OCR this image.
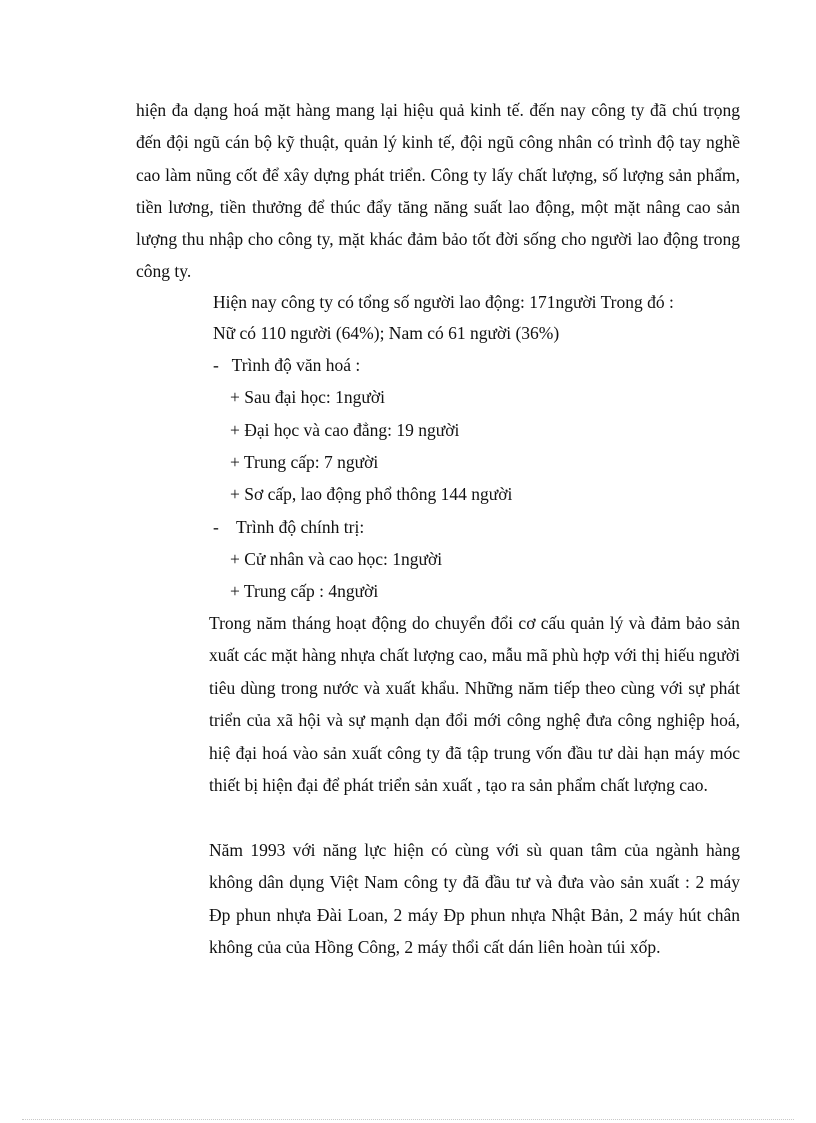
hiện đa dạng hoá mặt hàng mang lại hiệu quả kinh tế. đến nay công ty đã chú trọng đến đội ngũ cán bộ kỹ thuật, quản lý kinh tế, đội ngũ công nhân có trình độ tay nghề cao làm nũng cốt để xây dựng phát triển. Công ty lấy chất lượng, số lượng sản phẩm, tiền lương, tiền thưởng để thúc đẩy tăng năng suất lao động, một mặt nâng cao sản lượng thu nhập cho công ty, mặt khác đảm bảo tốt đời sống cho người lao động trong công ty.
Hiện nay công ty có tổng số người lao động: 171người Trong đó :
Nữ có 110 người (64%); Nam có 61 người (36%)
-   Trình độ văn hoá :
+ Sau đại học: 1người
+ Đại học và cao đẳng: 19 người
+ Trung cấp: 7 người
+ Sơ cấp, lao động phổ thông 144 người
-    Trình độ chính trị:
+ Cử nhân và cao học: 1người
+ Trung cấp : 4người
Trong năm tháng hoạt động do chuyển đổi cơ cấu quản lý và đảm bảo sản xuất các mặt hàng nhựa chất lượng cao, mẫu mã phù hợp với thị hiếu người tiêu dùng trong nước và xuất khẩu. Những năm tiếp theo cùng với sự phát triển của xã hội và sự mạnh dạn đổi mới công nghệ đưa công nghiệp hoá, hiệ đại hoá vào sản xuất công ty đã tập trung vốn đầu tư dài hạn máy móc thiết bị hiện đại để phát triển sản xuất , tạo ra sản phẩm chất lượng cao.
Năm 1993 với năng lực hiện có cùng với sù quan tâm của ngành hàng không dân dụng Việt Nam công ty đã đầu tư và đưa vào sản xuất : 2 máy Ðp phun nhựa Đài Loan, 2 máy Ðp phun nhựa Nhật Bản, 2 máy hút chân không của của Hồng Công, 2 máy thổi cất dán liên hoàn túi xốp.
